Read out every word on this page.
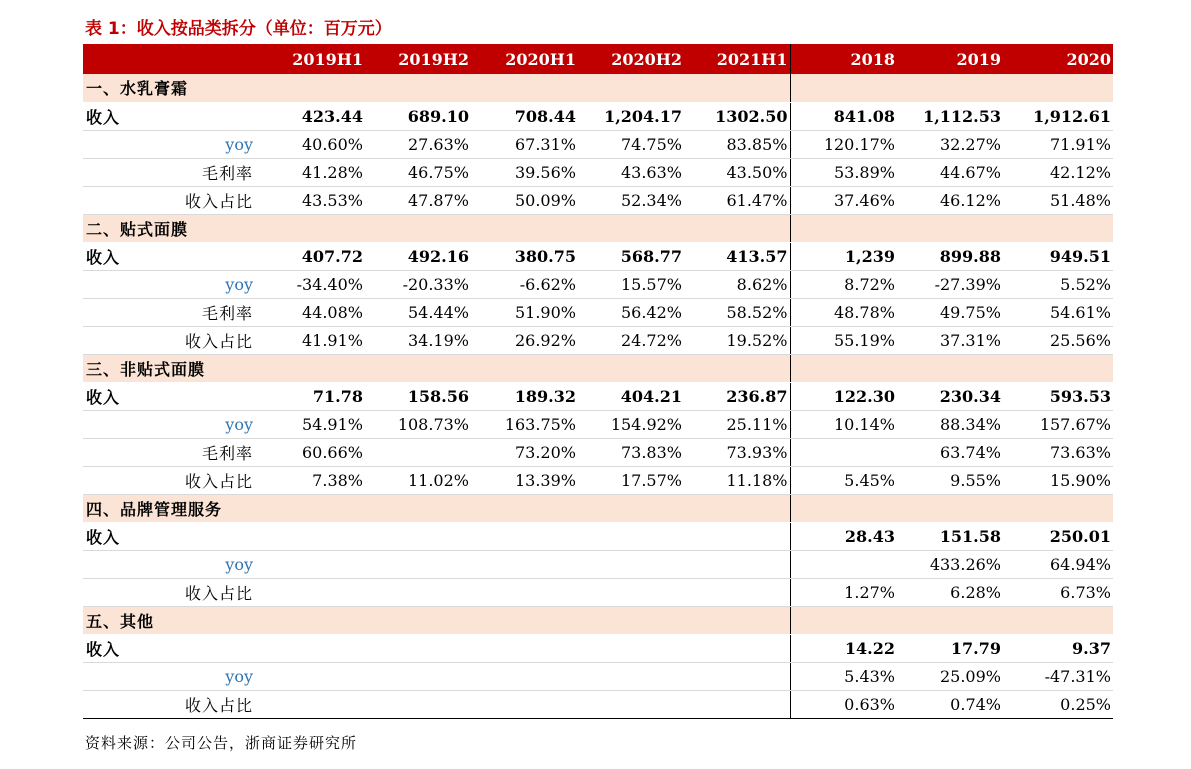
表 1：收入按品类拆分（单位：百万元）
	2019H1	2019H2	2020H1	2020H2	2021H1	2018	2019	2020
一、水乳膏霜								
收入	423.44	689.10	708.44	1,204.17	1302.50	841.08	1,112.53	1,912.61
yoy	40.60%	27.63%	67.31%	74.75%	83.85%	120.17%	32.27%	71.91%
毛利率	41.28%	46.75%	39.56%	43.63%	43.50%	53.89%	44.67%	42.12%
收入占比	43.53%	47.87%	50.09%	52.34%	61.47%	37.46%	46.12%	51.48%
二、贴式面膜								
收入	407.72	492.16	380.75	568.77	413.57	1,239	899.88	949.51
yoy	-34.40%	-20.33%	-6.62%	15.57%	8.62%	8.72%	-27.39%	5.52%
毛利率	44.08%	54.44%	51.90%	56.42%	58.52%	48.78%	49.75%	54.61%
收入占比	41.91%	34.19%	26.92%	24.72%	19.52%	55.19%	37.31%	25.56%
三、非贴式面膜								
收入	71.78	158.56	189.32	404.21	236.87	122.30	230.34	593.53
yoy	54.91%	108.73%	163.75%	154.92%	25.11%	10.14%	88.34%	157.67%
毛利率	60.66%		73.20%	73.83%	73.93%		63.74%	73.63%
收入占比	7.38%	11.02%	13.39%	17.57%	11.18%	5.45%	9.55%	15.90%
四、品牌管理服务								
收入						28.43	151.58	250.01
yoy							433.26%	64.94%
收入占比						1.27%	6.28%	6.73%
五、其他								
收入						14.22	17.79	9.37
yoy						5.43%	25.09%	-47.31%
收入占比						0.63%	0.74%	0.25%
资料来源：公司公告，浙商证券研究所
